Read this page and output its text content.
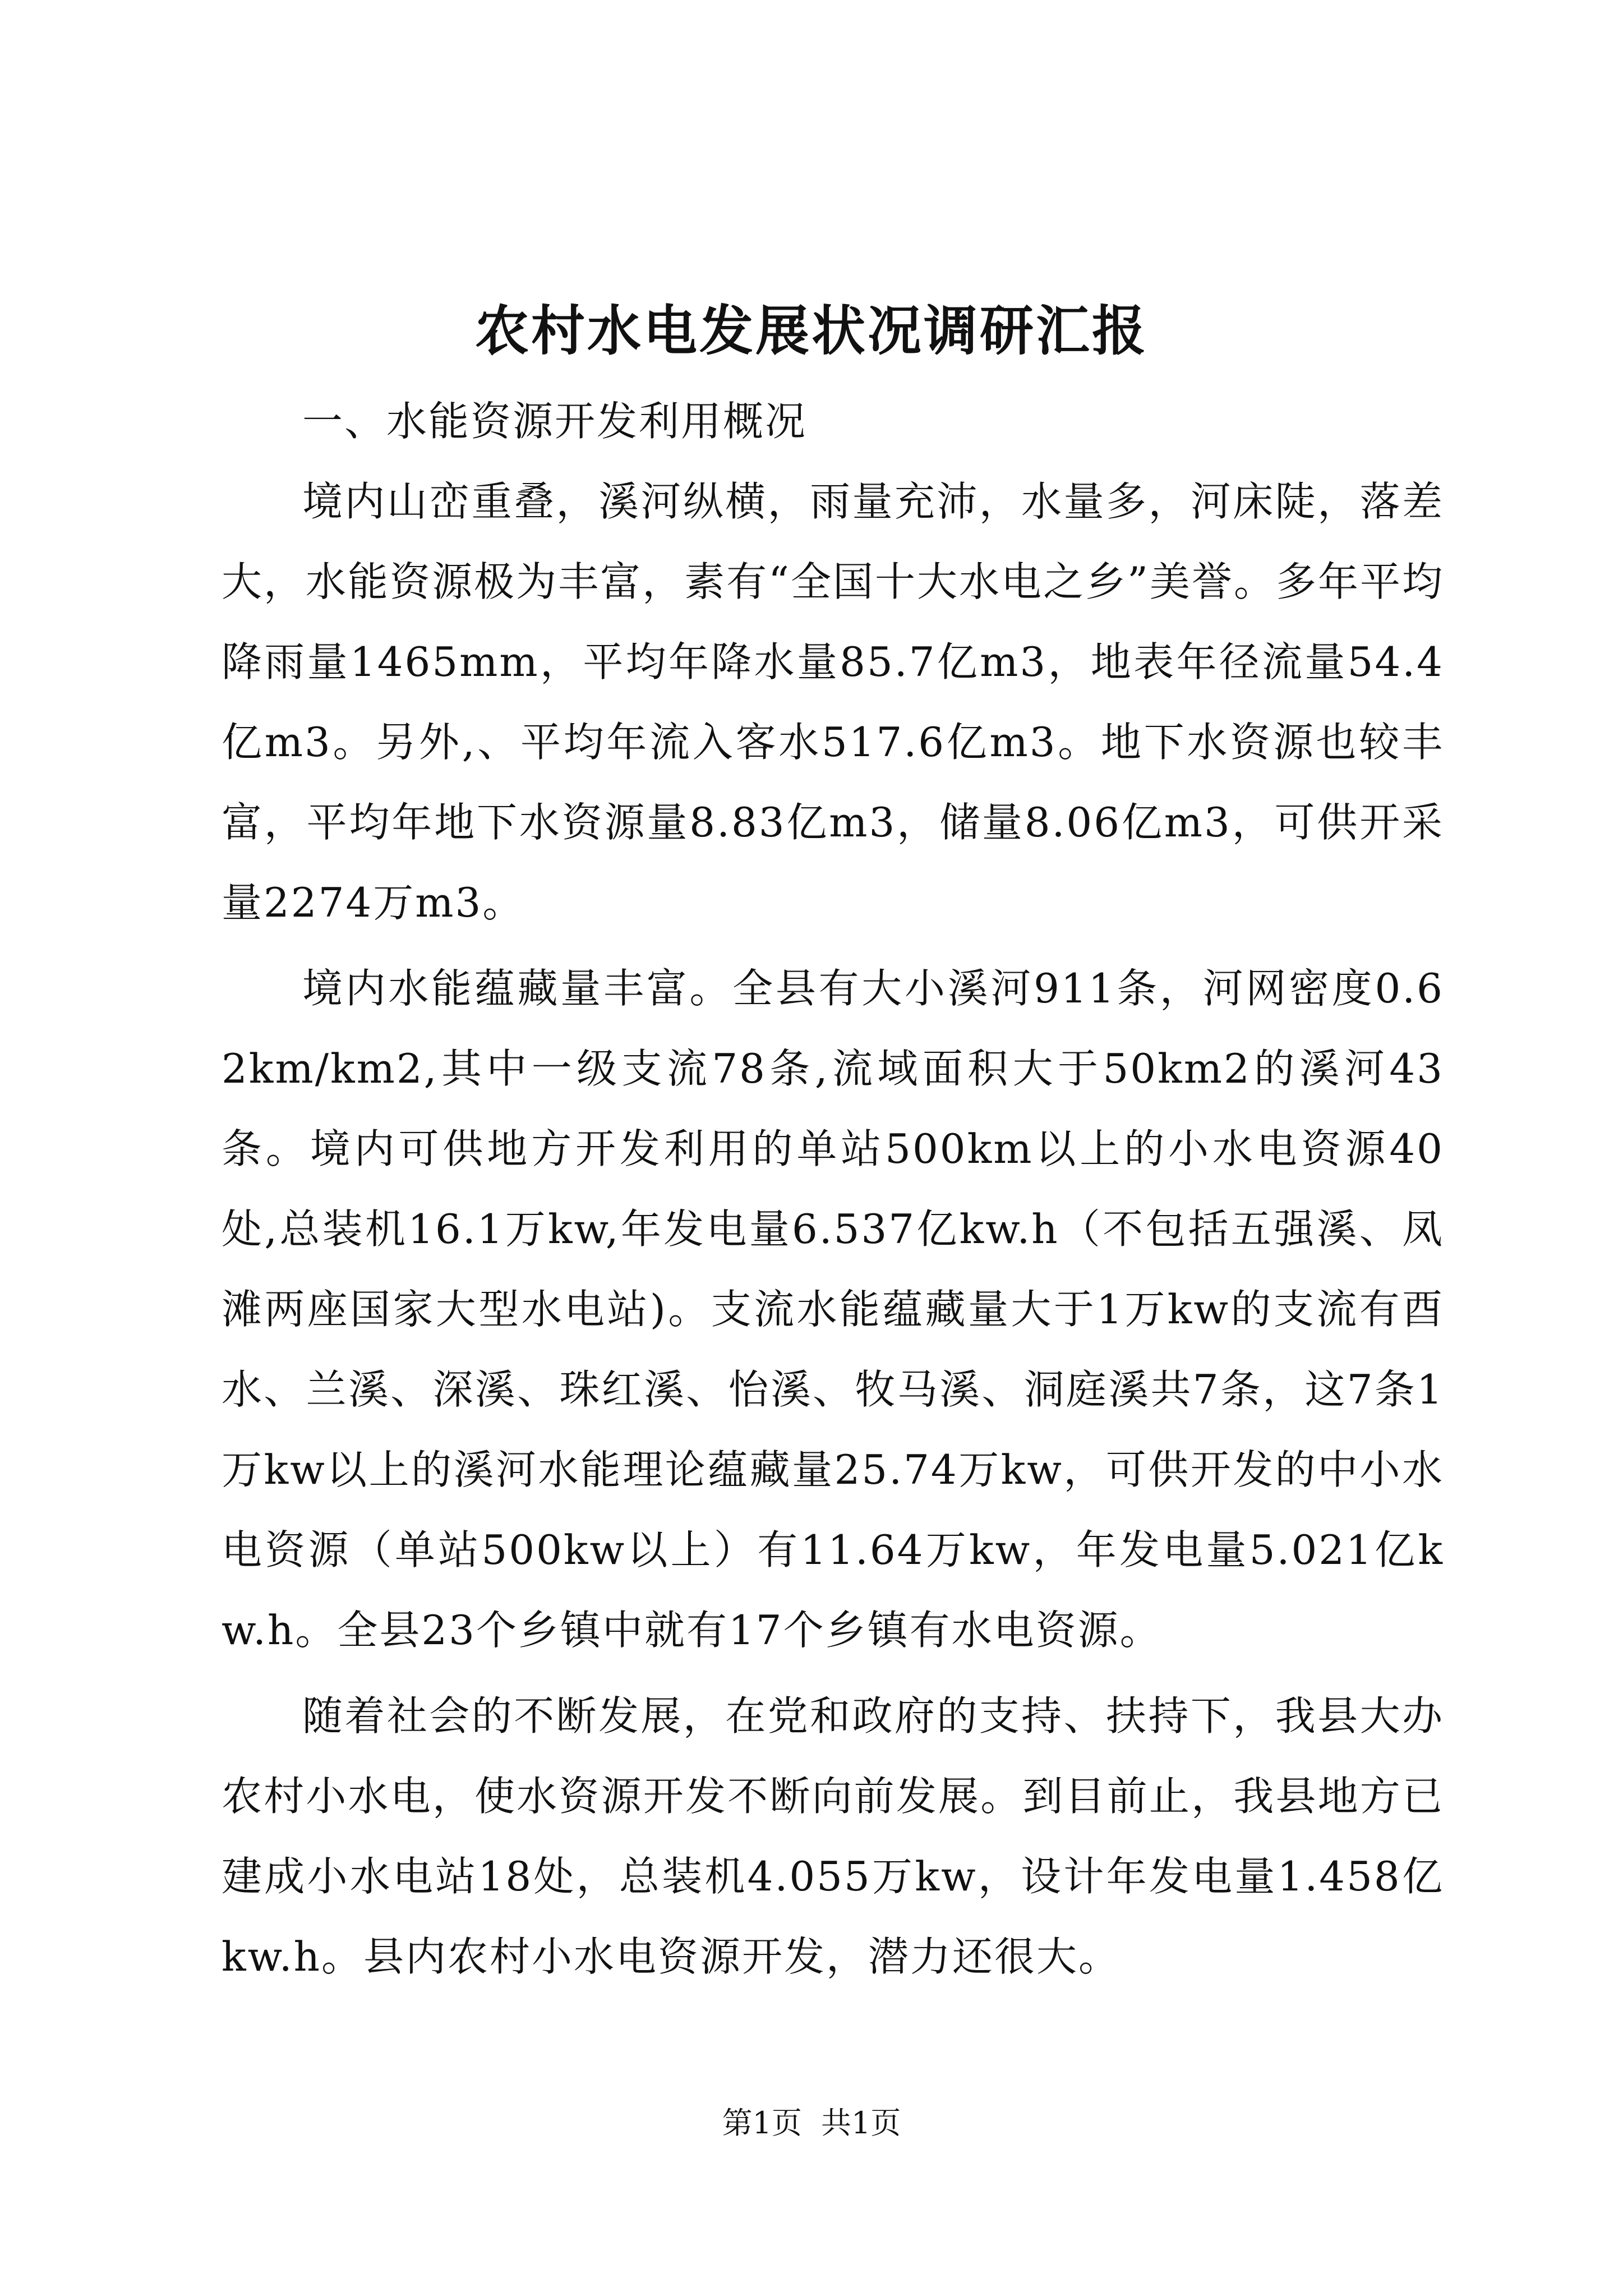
农村水电发展状况调研汇报

一、水能资源开发利用概况

境内山峦重叠，溪河纵横，雨量充沛，水量多，河床陡，落差大，水能资源极为丰富，素有“全国十大水电之乡”美誉。多年平均降雨量1465mm，平均年降水量85.7亿m3，地表年径流量54.4亿m3。另外,、平均年流入客水517.6亿m3。地下水资源也较丰富，平均年地下水资源量8.83亿m3，储量8.06亿m3，可供开采量2274万m3。

境内水能蕴藏量丰富。全县有大小溪河911条，河网密度0.62km/km2,其中一级支流78条,流域面积大于50km2的溪河43条。境内可供地方开发利用的单站500km以上的小水电资源40处,总装机16.1万kw,年发电量6.537亿kw.h（不包括五强溪、凤滩两座国家大型水电站)。支流水能蕴藏量大于1万kw的支流有酉水、兰溪、深溪、珠红溪、怡溪、牧马溪、洞庭溪共7条，这7条1万kw以上的溪河水能理论蕴藏量25.74万kw，可供开发的中小水电资源（单站500kw以上）有11.64万kw，年发电量5.021亿kw.h。全县23个乡镇中就有17个乡镇有水电资源。

随着社会的不断发展，在党和政府的支持、扶持下，我县大办农村小水电，使水资源开发不断向前发展。到目前止，我县地方已建成小水电站18处，总装机4.055万kw，设计年发电量1.458亿kw.h。县内农村小水电资源开发，潜力还很大。

第1页 共1页
